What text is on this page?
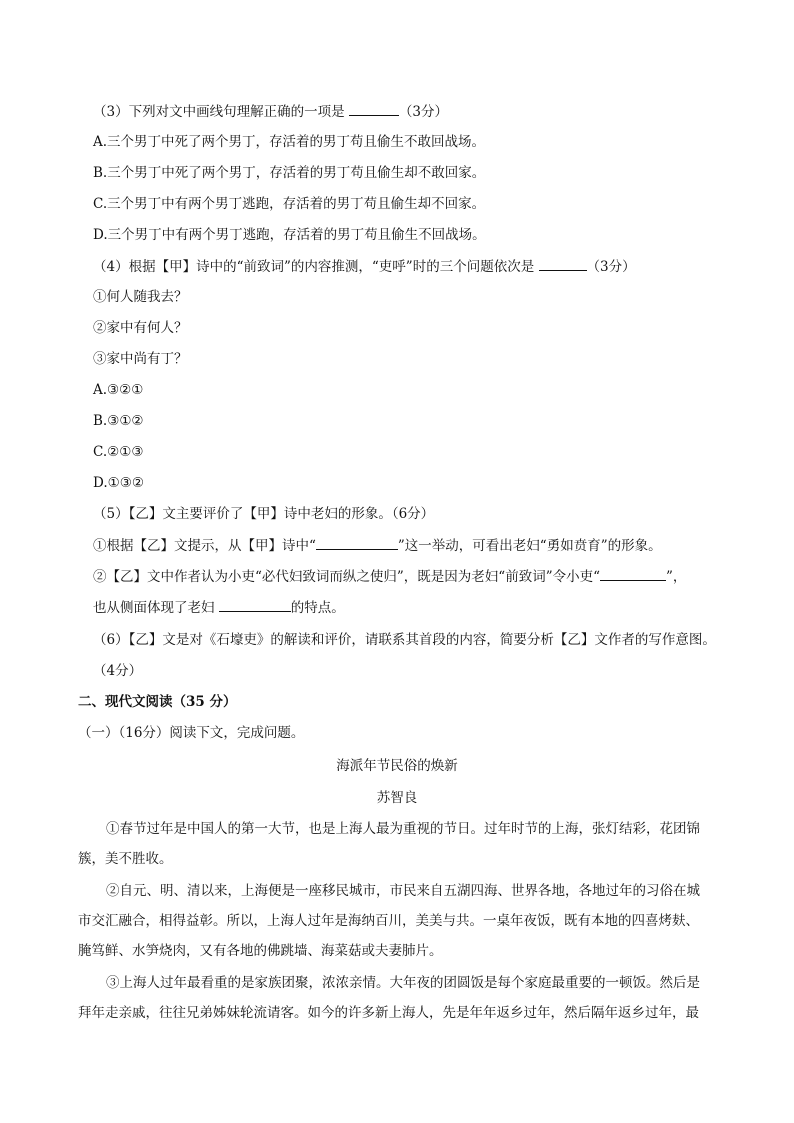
（3）下列对文中画线句理解正确的一项是	（3分）
A.三个男丁中死了两个男丁，存活着的男丁苟且偷生不敢回战场。
B.三个男丁中死了两个男丁，存活着的男丁苟且偷生却不敢回家。
C.三个男丁中有两个男丁逃跑，存活着的男丁苟且偷生却不回家。
D.三个男丁中有两个男丁逃跑，存活着的男丁苟且偷生不回战场。
（4）根据【甲】诗中的“前致词”的内容推测，“吏呼”时的三个问题依次是	（3分）
①何人随我去？
②家中有何人？
③家中尚有丁？
A.③②①
B.③①②
C.②①③
D.①③②
（5）【乙】文主要评价了【甲】诗中老妇的形象。（6分）
①根据【乙】文提示，从【甲】诗中“	”这一举动，可看出老妇“勇如贲育”的形象。
②【乙】文中作者认为小吏“必代妇致词而纵之使归”，既是因为老妇“前致词”令小吏“	”，
也从侧面体现了老妇	的特点。
（6）【乙】文是对《石壕吏》的解读和评价，请联系其首段的内容，简要分析【乙】文作者的写作意图。
（4分）
二、现代文阅读（35 分）
（一）（16分）阅读下文，完成问题。
海派年节民俗的焕新
苏智良
①春节过年是中国人的第一大节，也是上海人最为重视的节日。过年时节的上海，张灯结彩，花团锦
簇，美不胜收。
②自元、明、清以来，上海便是一座移民城市，市民来自五湖四海、世界各地，各地过年的习俗在城
市交汇融合，相得益彰。所以，上海人过年是海纳百川，美美与共。一桌年夜饭，既有本地的四喜烤麸、
腌笃鲜、水笋烧肉，又有各地的佛跳墙、海菜菇或夫妻肺片。
③上海人过年最看重的是家族团聚，浓浓亲情。大年夜的团圆饭是每个家庭最重要的一顿饭。然后是
拜年走亲戚，往往兄弟姊妹轮流请客。如今的许多新上海人，先是年年返乡过年，然后隔年返乡过年，最
